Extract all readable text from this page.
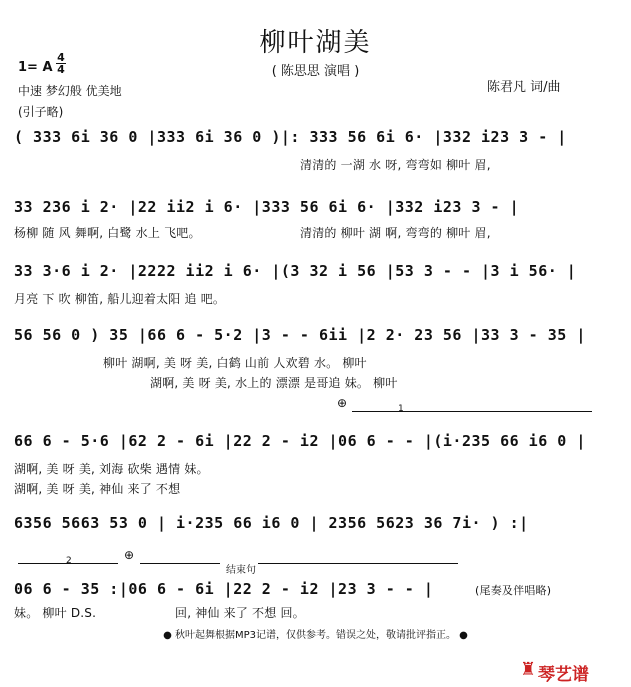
柳叶湖美
( 陈思思 演唱 )
1= A
4
4
陈君凡 词/曲
中速 梦幻般 优美地
(引子略)
( 333 6i 36 0 |333 6i 36 0 )|: 333 56 6i 6· |332 i23 3 - |
清清的 一湖 水 呀, 弯弯如 柳叶 眉,
33 236 i 2· |22 ii2 i 6· |333 56 6i 6· |332 i23 3 - |
杨柳 随 风 舞啊, 白鹭 水上 飞吧。	清清的 柳叶 湖 啊, 弯弯的 柳叶 眉,
33 3·6 i 2· |2222 ii2 i 6· |(3 32 i 56 |53 3 - - |3 i 56· |
月亮 下 吹 柳笛, 船儿迎着太阳 追 吧。
56 56 0 ) 35 |66 6 - 5·2 |3 - - 6ii |2 2· 23 56 |33 3 - 35 |
柳叶 湖啊, 美 呀 美, 白鹤 山前 人欢碧 水。 柳叶
湖啊, 美 呀 美, 水上的 漂漂 是哥追 妹。 柳叶
⊕	1
66 6 - 5·6 |62 2 - 6i |22 2 - i2 |06 6 - - |(i·235 66 i6 0 |
湖啊, 美 呀 美, 刘海 砍柴 遇情 妹。
湖啊, 美 呀 美, 神仙 来了 不想
6356 5663 53 0 | i·235 66 i6 0 | 2356 5623 36 7i· ) :|
2	⊕
结束句
06 6 - 35 :|06 6 - 6i |22 2 - i2 |23 3 - - |	(尾奏及伴唱略)
妹。 柳叶 D.S.	回, 神仙 来了 不想 回。
● 秋叶起舞根据MP3记谱，仅供参考。错误之处，敬请批评指正。 ●
♜ 琴艺谱
